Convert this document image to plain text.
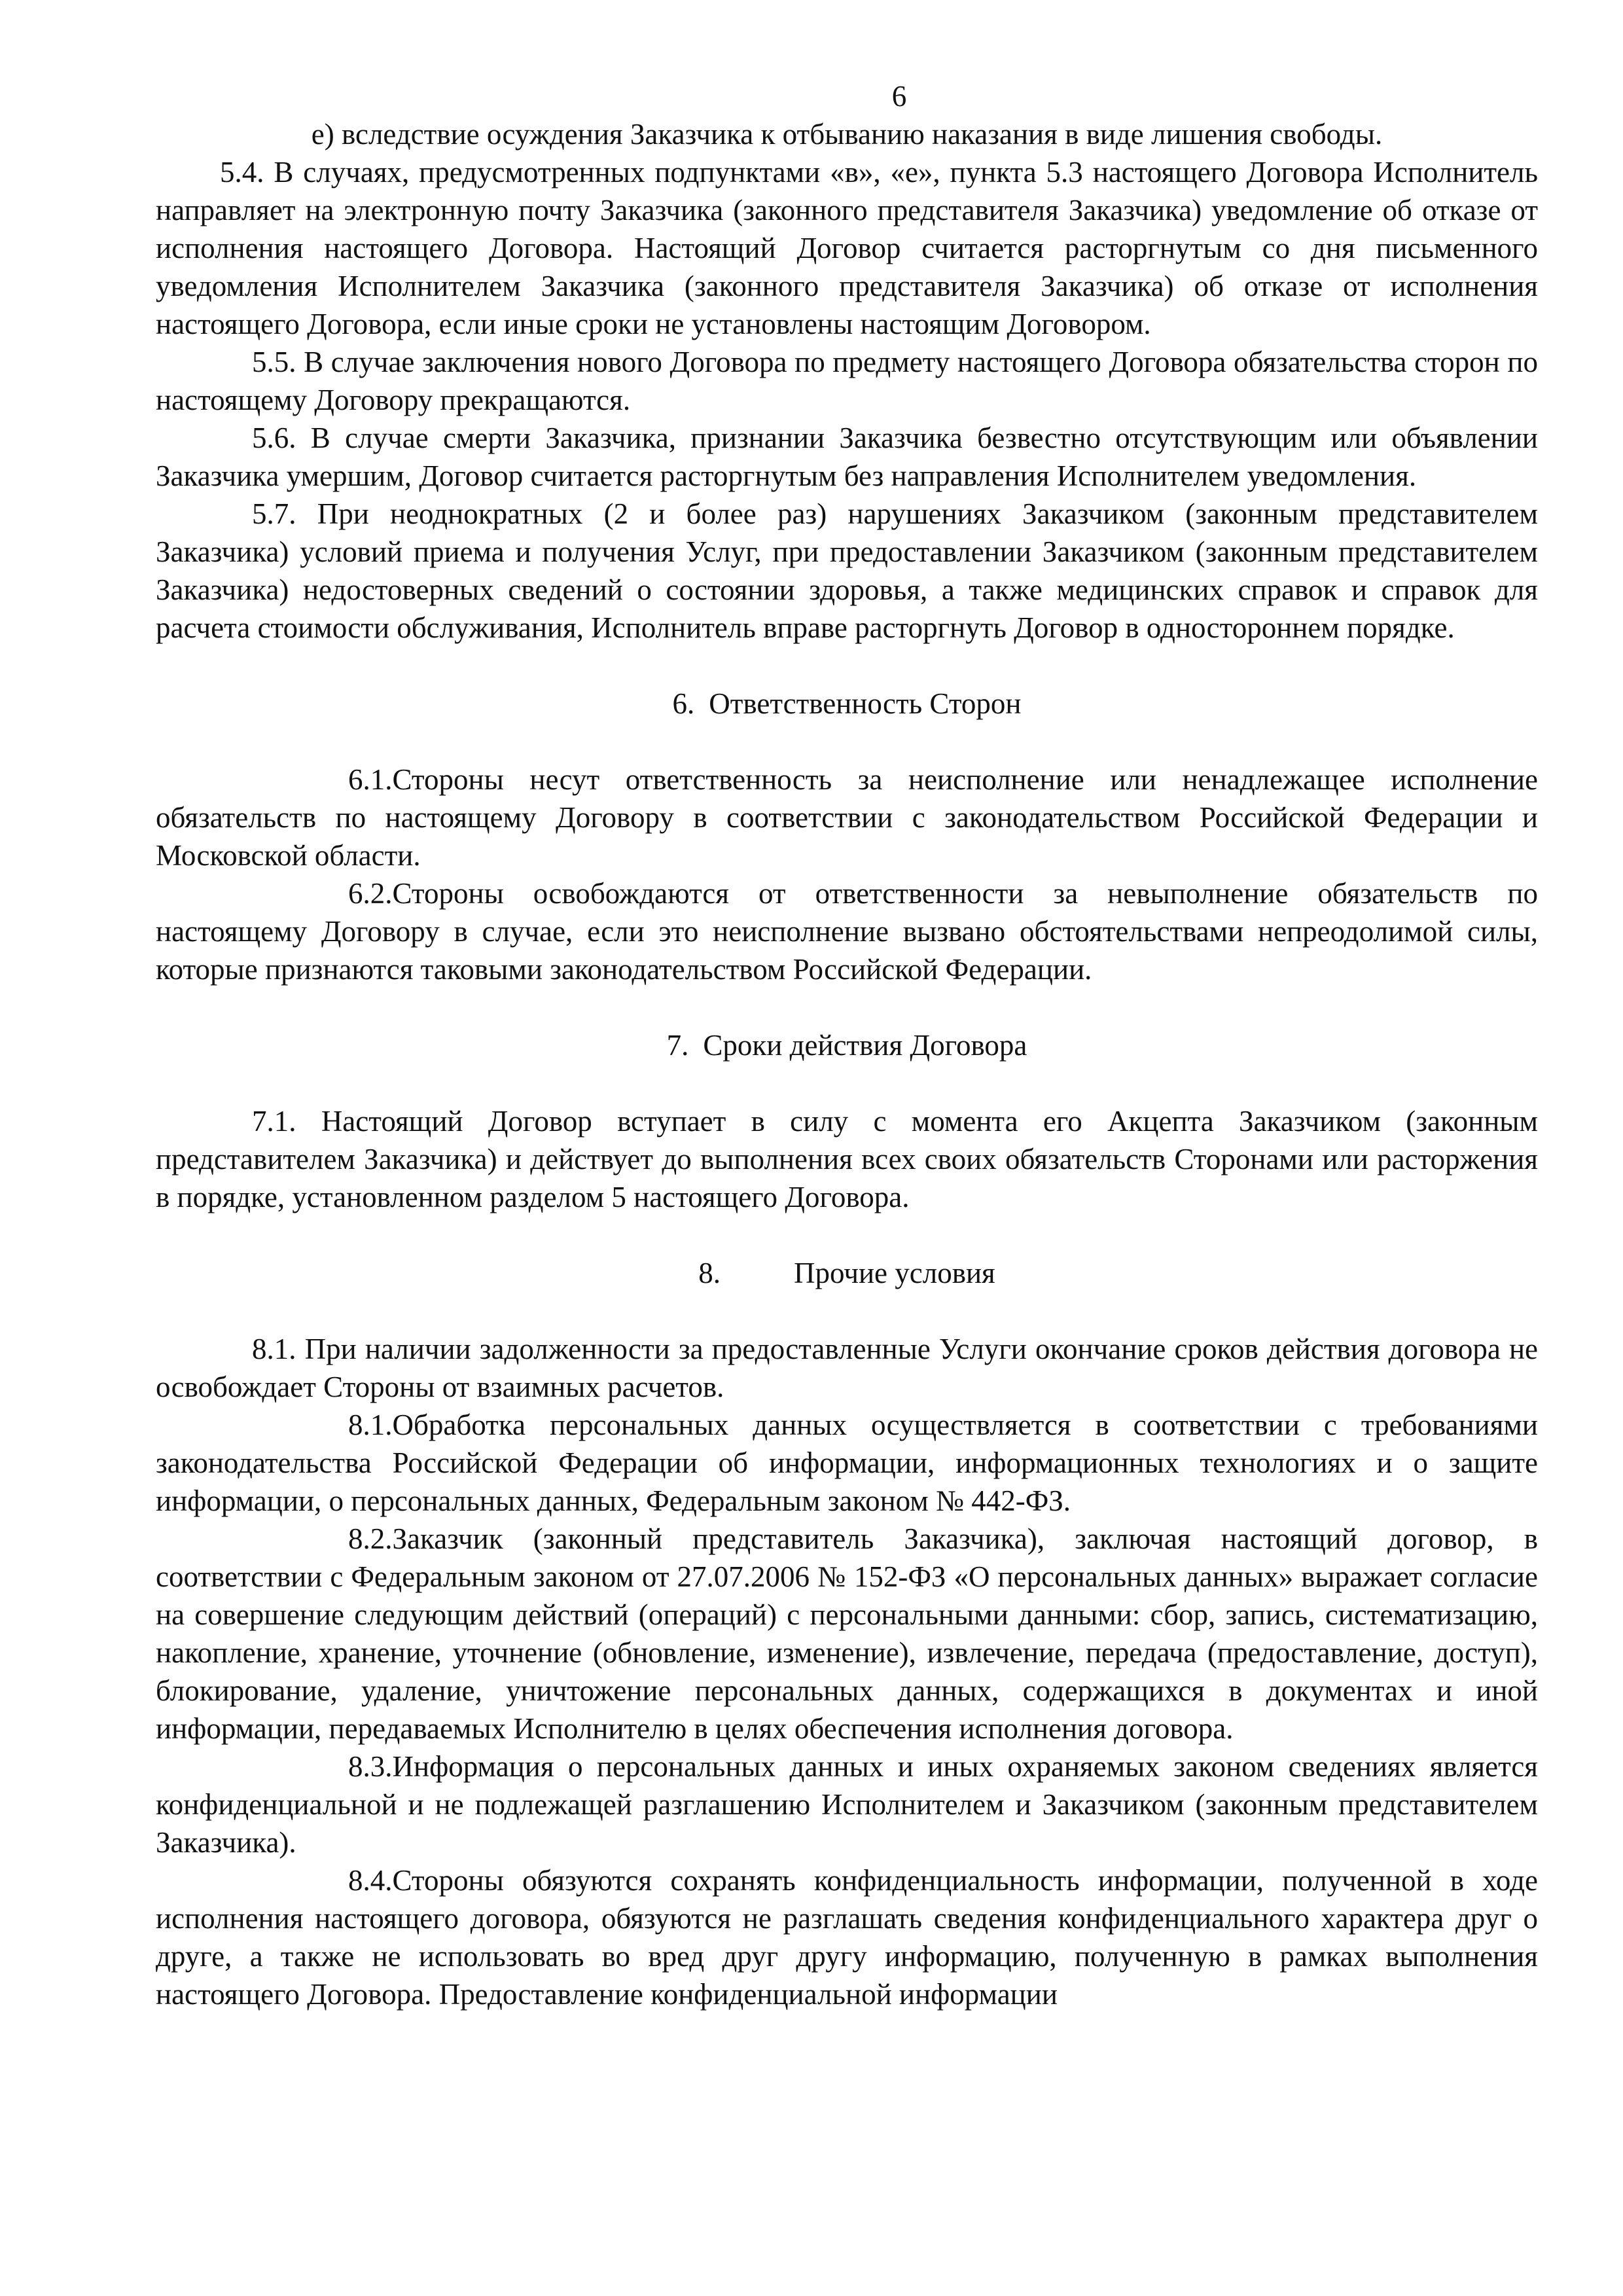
6

е) вследствие осуждения Заказчика к отбыванию наказания в виде лишения свободы.

5.4. В случаях, предусмотренных подпунктами «в», «е», пункта 5.3 настоящего Договора Исполнитель направляет на электронную почту Заказчика (законного представителя Заказчика) уведомление об отказе от исполнения настоящего Договора. Настоящий Договор считается расторгнутым со дня письменного уведомления Исполнителем Заказчика (законного представителя Заказчика) об отказе от исполнения настоящего Договора, если иные сроки не установлены настоящим Договором.

5.5. В случае заключения нового Договора по предмету настоящего Договора обязательства сторон по настоящему Договору прекращаются.

5.6. В случае смерти Заказчика, признании Заказчика безвестно отсутствующим или объявлении Заказчика умершим, Договор считается расторгнутым без направления Исполнителем уведомления.

5.7. При неоднократных (2 и более раз) нарушениях Заказчиком (законным представителем Заказчика) условий приема и получения Услуг, при предоставлении Заказчиком (законным представителем Заказчика) недостоверных сведений о состоянии здоровья, а также медицинских справок и справок для расчета стоимости обслуживания, Исполнитель вправе расторгнуть Договор в одностороннем порядке.

6. Ответственность Сторон

6.1.Стороны несут ответственность за неисполнение или ненадлежащее исполнение обязательств по настоящему Договору в соответствии с законодательством Российской Федерации и Московской области.

6.2.Стороны освобождаются от ответственности за невыполнение обязательств по настоящему Договору в случае, если это неисполнение вызвано обстоятельствами непреодолимой силы, которые признаются таковыми законодательством Российской Федерации.

7. Сроки действия Договора

7.1. Настоящий Договор вступает в силу с момента его Акцепта Заказчиком (законным представителем Заказчика) и действует до выполнения всех своих обязательств Сторонами или расторжения в порядке, установленном разделом 5 настоящего Договора.

8. Прочие условия

8.1. При наличии задолженности за предоставленные Услуги окончание сроков действия договора не освобождает Стороны от взаимных расчетов.

8.1.Обработка персональных данных осуществляется в соответствии с требованиями законодательства Российской Федерации об информации, информационных технологиях и о защите информации, о персональных данных, Федеральным законом № 442-ФЗ.

8.2.Заказчик (законный представитель Заказчика), заключая настоящий договор, в соответствии с Федеральным законом от 27.07.2006 № 152-ФЗ «О персональных данных» выражает согласие на совершение следующим действий (операций) с персональными данными: сбор, запись, систематизацию, накопление, хранение, уточнение (обновление, изменение), извлечение, передача (предоставление, доступ), блокирование, удаление, уничтожение персональных данных, содержащихся в документах и иной информации, передаваемых Исполнителю в целях обеспечения исполнения договора.

8.3.Информация о персональных данных и иных охраняемых законом сведениях является конфиденциальной и не подлежащей разглашению Исполнителем и Заказчиком (законным представителем Заказчика).

8.4.Стороны обязуются сохранять конфиденциальность информации, полученной в ходе исполнения настоящего договора, обязуются не разглашать сведения конфиденциального характера друг о друге, а также не использовать во вред друг другу информацию, полученную в рамках выполнения настоящего Договора. Предоставление конфиденциальной информации
